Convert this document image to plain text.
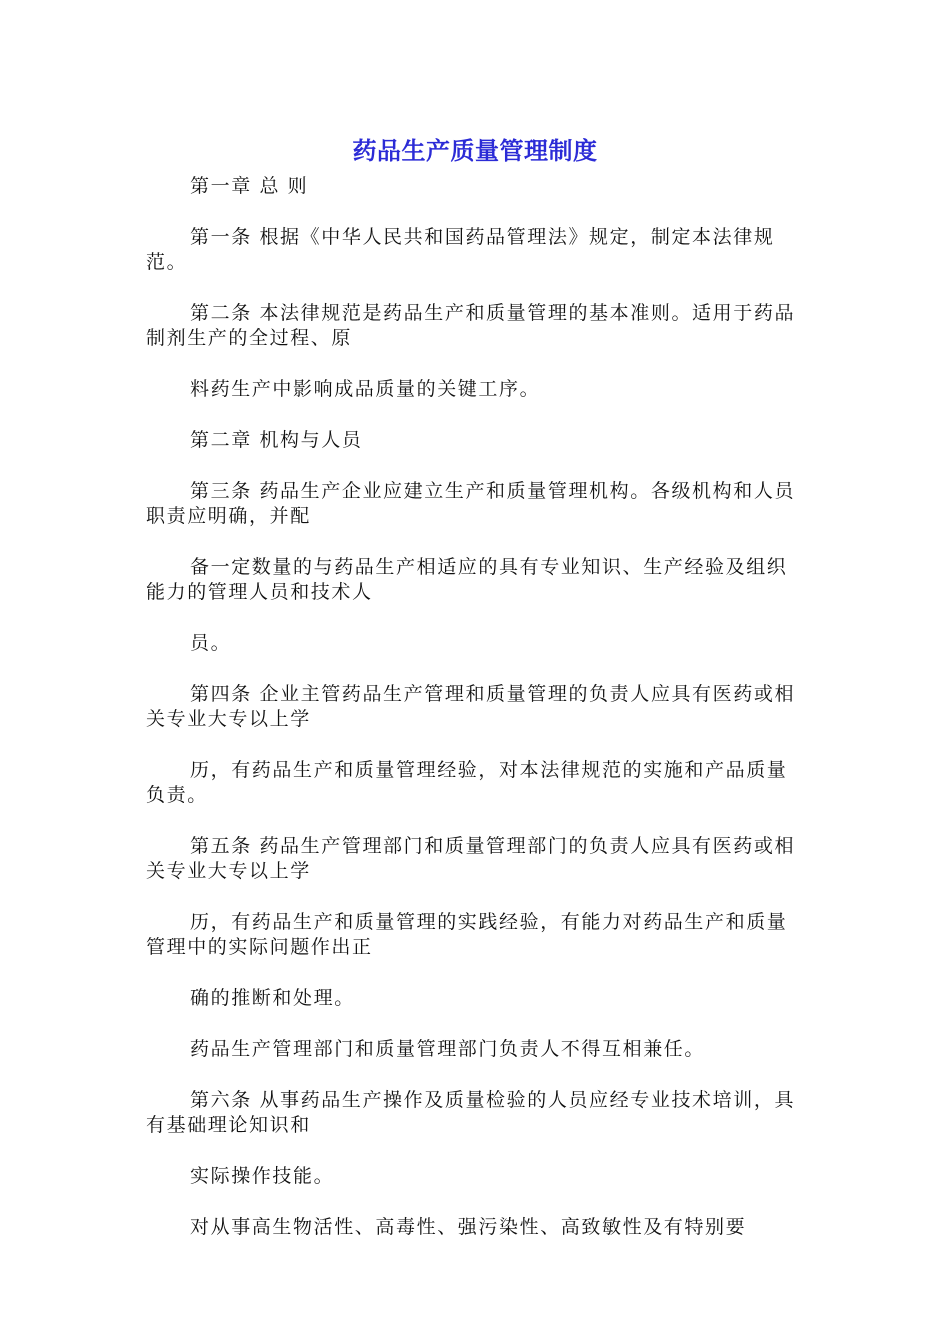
药品生产质量管理制度

第一章 总 则

第一条 根据《中华人民共和国药品管理法》规定，制定本法律规范。

第二条 本法律规范是药品生产和质量管理的基本准则。适用于药品制剂生产的全过程、原

料药生产中影响成品质量的关键工序。

第二章 机构与人员

第三条 药品生产企业应建立生产和质量管理机构。各级机构和人员职责应明确，并配

备一定数量的与药品生产相适应的具有专业知识、生产经验及组织能力的管理人员和技术人

员。

第四条 企业主管药品生产管理和质量管理的负责人应具有医药或相关专业大专以上学

历，有药品生产和质量管理经验，对本法律规范的实施和产品质量负责。

第五条 药品生产管理部门和质量管理部门的负责人应具有医药或相关专业大专以上学

历，有药品生产和质量管理的实践经验，有能力对药品生产和质量管理中的实际问题作出正

确的推断和处理。

药品生产管理部门和质量管理部门负责人不得互相兼任。

第六条 从事药品生产操作及质量检验的人员应经专业技术培训，具有基础理论知识和

实际操作技能。

对从事高生物活性、高毒性、强污染性、高致敏性及有特别要
